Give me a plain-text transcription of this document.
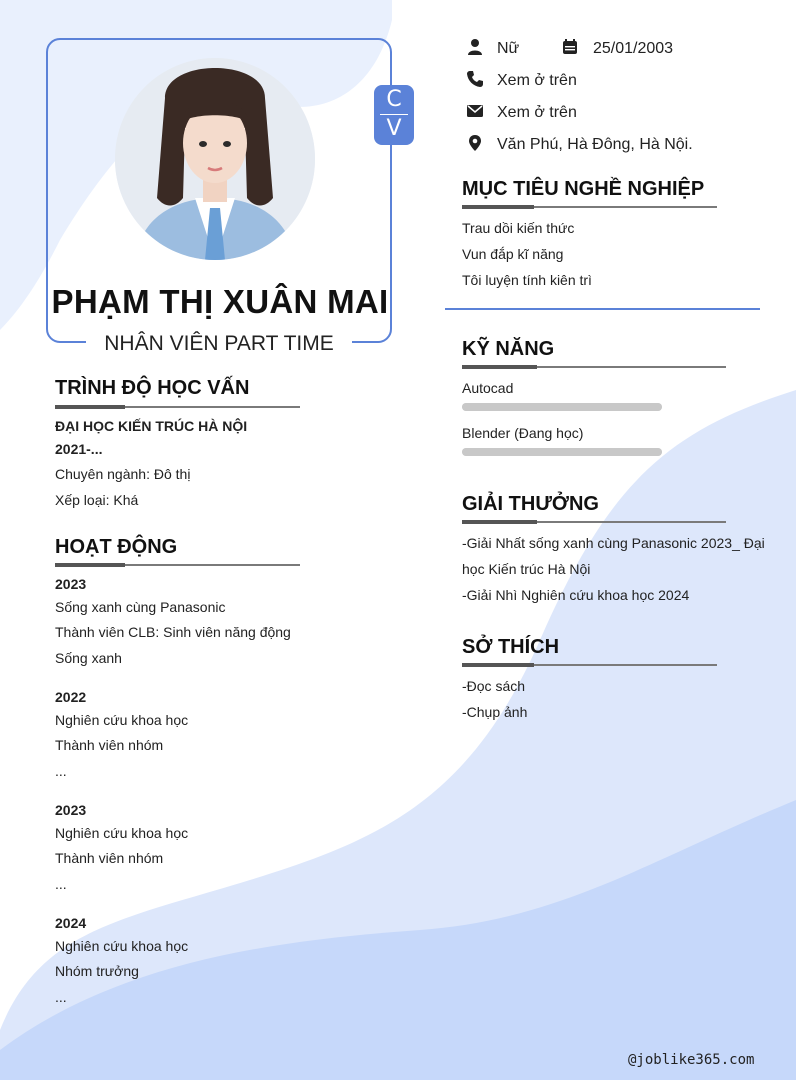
C
V
PHẠM THỊ XUÂN MAI
NHÂN VIÊN PART TIME
TRÌNH ĐỘ HỌC VẤN
ĐẠI HỌC KIẾN TRÚC HÀ NỘI
2021-...
Chuyên ngành: Đô thị
Xếp loại: Khá
HOẠT ĐỘNG
2023
Sống xanh cùng Panasonic
Thành viên CLB: Sinh viên năng động
Sống xanh
2022
Nghiên cứu khoa học
Thành viên nhóm
...
2023
Nghiên cứu khoa học
Thành viên nhóm
...
2024
Nghiên cứu khoa học
Nhóm trưởng
...
Nữ	25/01/2003
Xem ở trên
Xem ở trên
Văn Phú, Hà Đông, Hà Nội.
MỤC TIÊU NGHỀ NGHIỆP
Trau dồi kiến thức
Vun đắp kĩ năng
Tôi luyện tính kiên trì
KỸ NĂNG
Autocad
Blender (Đang học)
GIẢI THƯỞNG
-Giải Nhất sống xanh cùng Panasonic 2023_ Đại
học Kiến trúc Hà Nội
-Giải Nhì Nghiên cứu khoa học 2024
SỞ THÍCH
-Đọc sách
-Chụp ảnh
@joblike365.com
